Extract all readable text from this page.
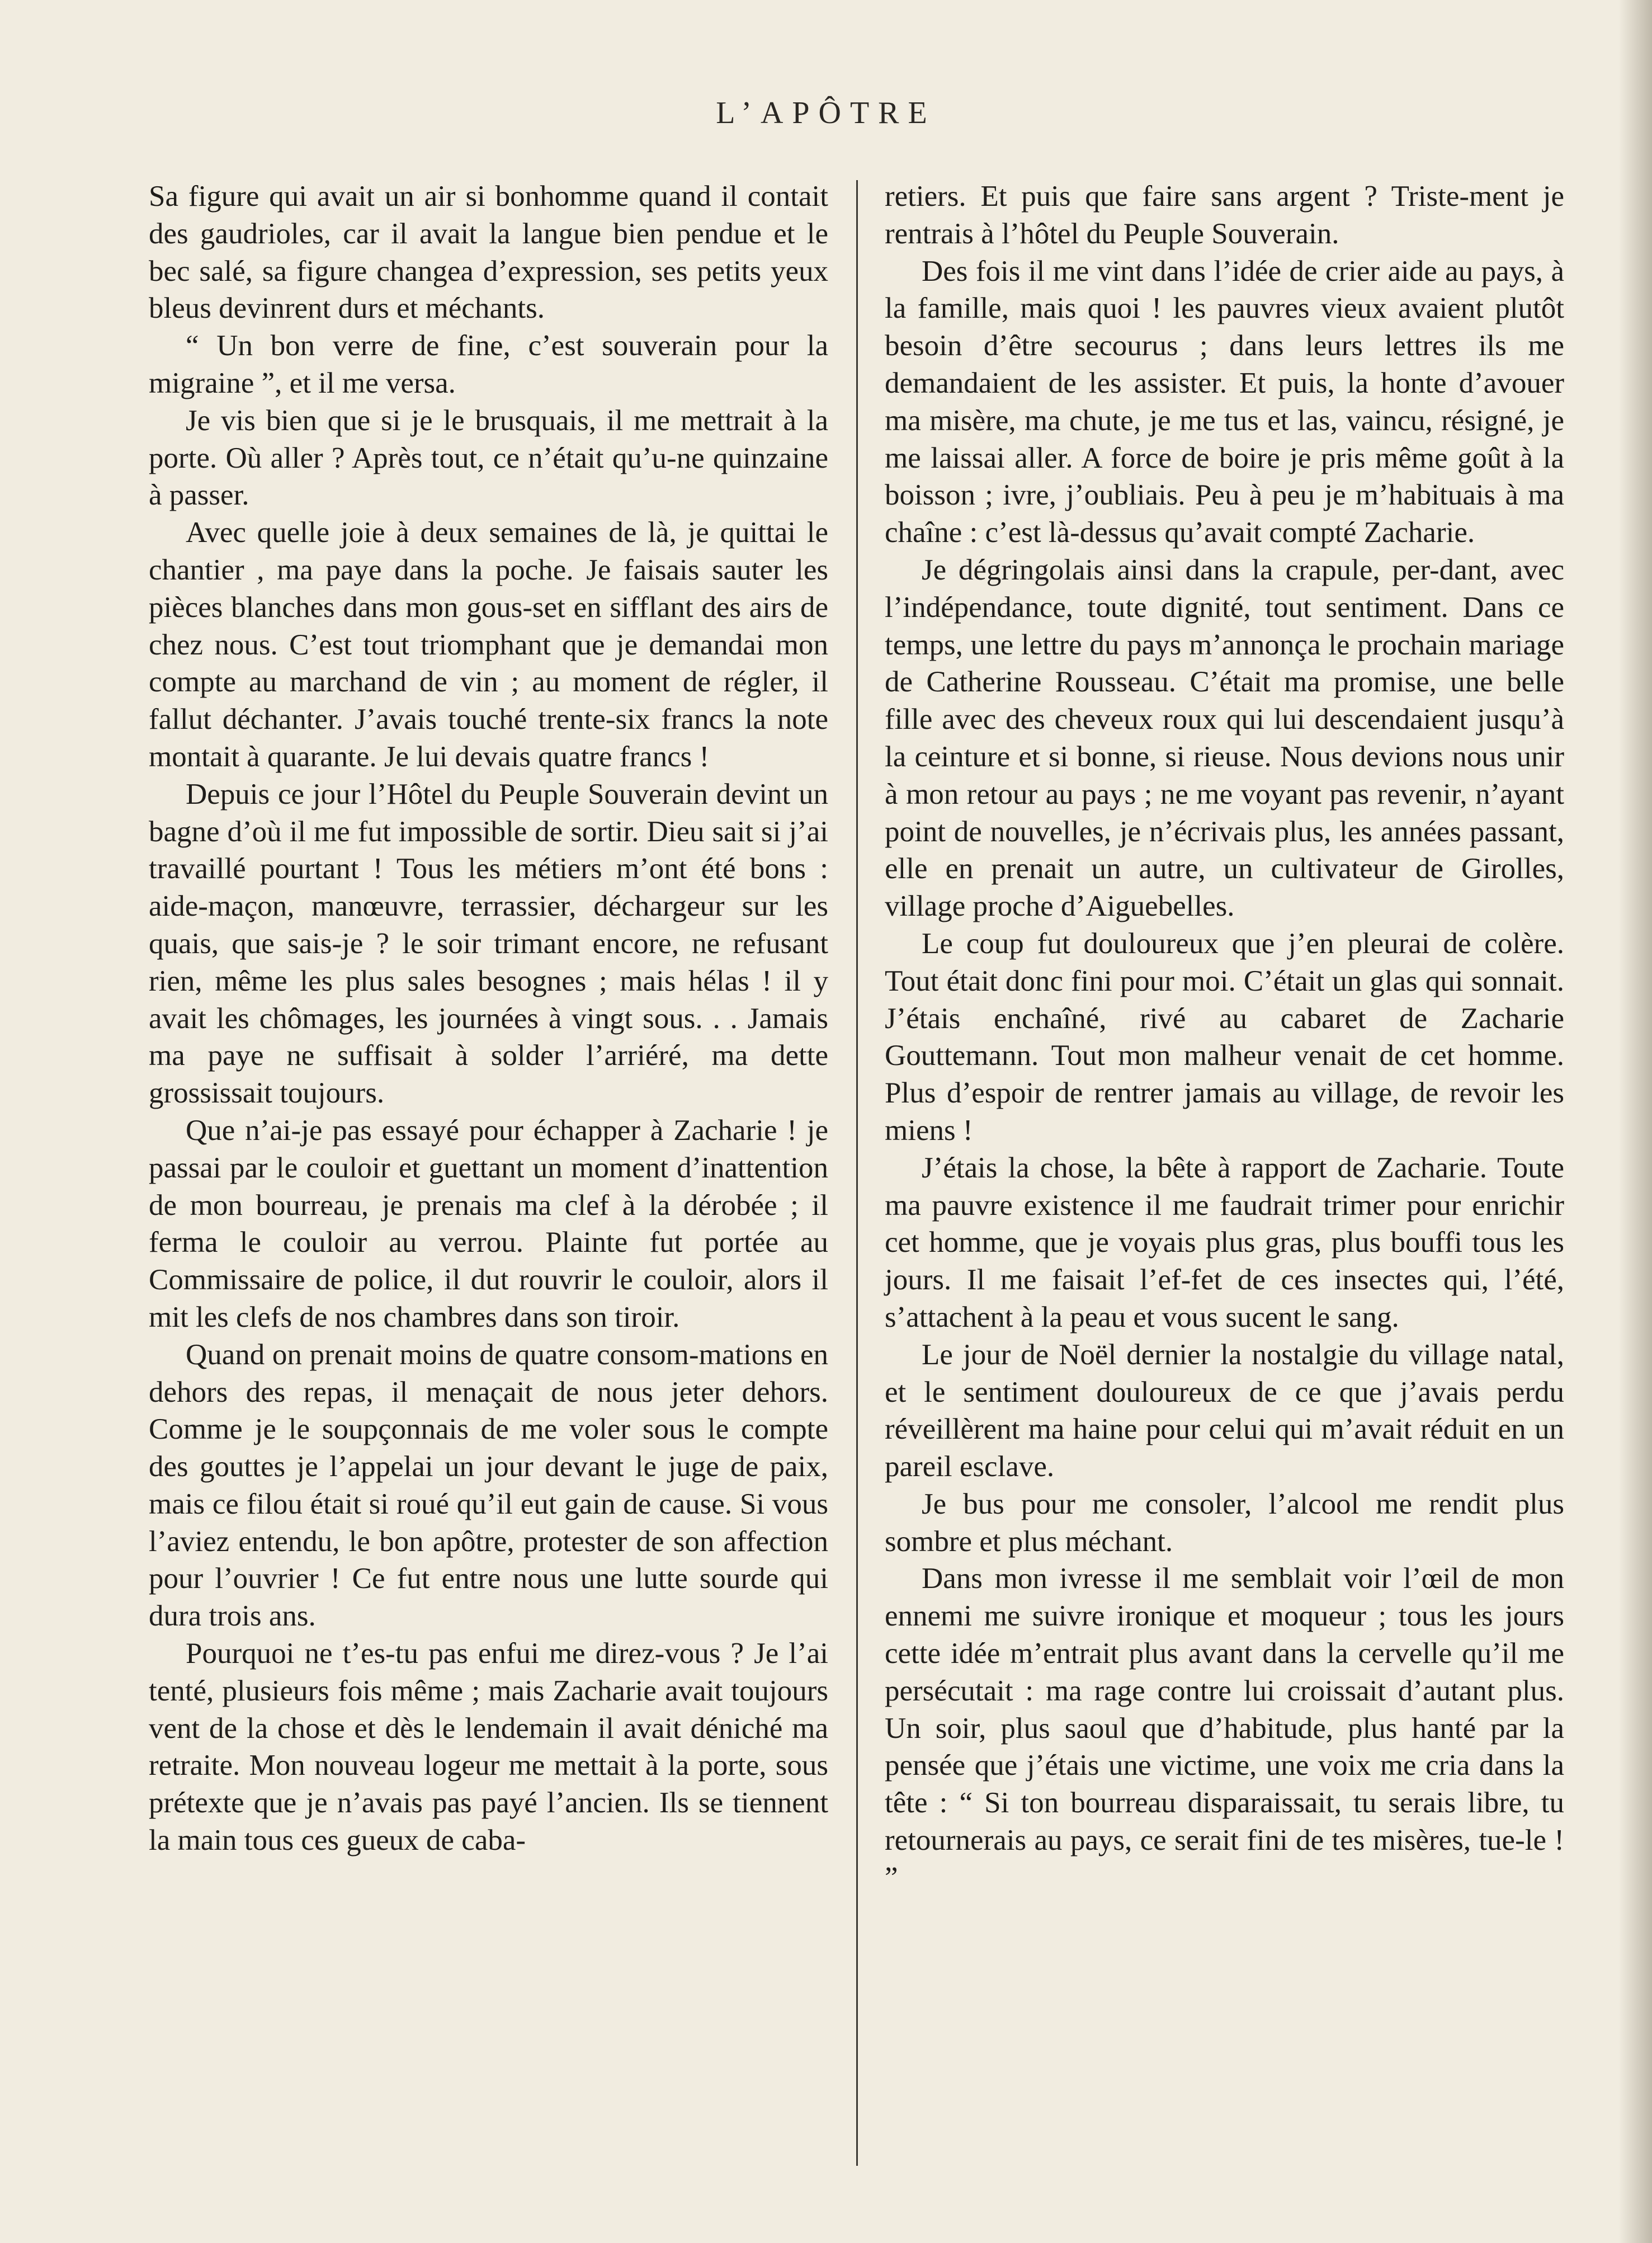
L’APÔTRE

Sa figure qui avait un air si bonhomme quand il contait des gaudrioles, car il avait la langue bien pendue et le bec salé, sa figure changea d’expression, ses petits yeux bleus devinrent durs et méchants.

“ Un bon verre de fine, c’est souverain pour la migraine ”, et il me versa.

Je vis bien que si je le brusquais, il me mettrait à la porte. Où aller ? Après tout, ce n’était qu’u-ne quinzaine à passer.

Avec quelle joie à deux semaines de là, je quittai le chantier , ma paye dans la poche. Je faisais sauter les pièces blanches dans mon gous-set en sifflant des airs de chez nous. C’est tout triomphant que je demandai mon compte au marchand de vin ; au moment de régler, il fallut déchanter. J’avais touché trente-six francs la note montait à quarante. Je lui devais quatre francs !

Depuis ce jour l’Hôtel du Peuple Souverain devint un bagne d’où il me fut impossible de sortir. Dieu sait si j’ai travaillé pourtant ! Tous les métiers m’ont été bons : aide-maçon, manœuvre, terrassier, déchargeur sur les quais, que sais-je ? le soir trimant encore, ne refusant rien, même les plus sales besognes ; mais hélas ! il y avait les chômages, les journées à vingt sous. . . Jamais ma paye ne suffisait à solder l’arriéré, ma dette grossissait toujours.

Que n’ai-je pas essayé pour échapper à Zacharie ! je passai par le couloir et guettant un moment d’inattention de mon bourreau, je prenais ma clef à la dérobée ; il ferma le couloir au verrou. Plainte fut portée au Commissaire de police, il dut rouvrir le couloir, alors il mit les clefs de nos chambres dans son tiroir.

Quand on prenait moins de quatre consom-mations en dehors des repas, il menaçait de nous jeter dehors. Comme je le soupçonnais de me voler sous le compte des gouttes je l’appelai un jour devant le juge de paix, mais ce filou était si roué qu’il eut gain de cause. Si vous l’aviez entendu, le bon apôtre, protester de son affection pour l’ouvrier ! Ce fut entre nous une lutte sourde qui dura trois ans.

Pourquoi ne t’es-tu pas enfui me direz-vous ? Je l’ai tenté, plusieurs fois même ; mais Zacharie avait toujours vent de la chose et dès le lendemain il avait déniché ma retraite. Mon nouveau logeur me mettait à la porte, sous prétexte que je n’avais pas payé l’ancien. Ils se tiennent la main tous ces gueux de caba-

retiers. Et puis que faire sans argent ? Triste-ment je rentrais à l’hôtel du Peuple Souverain.

Des fois il me vint dans l’idée de crier aide au pays, à la famille, mais quoi ! les pauvres vieux avaient plutôt besoin d’être secourus ; dans leurs lettres ils me demandaient de les assister. Et puis, la honte d’avouer ma misère, ma chute, je me tus et las, vaincu, résigné, je me laissai aller. A force de boire je pris même goût à la boisson ; ivre, j’oubliais. Peu à peu je m’habituais à ma chaîne : c’est là-dessus qu’avait compté Zacharie.

Je dégringolais ainsi dans la crapule, per-dant, avec l’indépendance, toute dignité, tout sentiment. Dans ce temps, une lettre du pays m’annonça le prochain mariage de Catherine Rousseau. C’était ma promise, une belle fille avec des cheveux roux qui lui descendaient jusqu’à la ceinture et si bonne, si rieuse. Nous devions nous unir à mon retour au pays ; ne me voyant pas revenir, n’ayant point de nouvelles, je n’écrivais plus, les années passant, elle en prenait un autre, un cultivateur de Girolles, village proche d’Aiguebelles.

Le coup fut douloureux que j’en pleurai de colère. Tout était donc fini pour moi. C’était un glas qui sonnait. J’étais enchaîné, rivé au cabaret de Zacharie Gouttemann. Tout mon malheur venait de cet homme. Plus d’espoir de rentrer jamais au village, de revoir les miens !

J’étais la chose, la bête à rapport de Zacharie. Toute ma pauvre existence il me faudrait trimer pour enrichir cet homme, que je voyais plus gras, plus bouffi tous les jours. Il me faisait l’ef-fet de ces insectes qui, l’été, s’attachent à la peau et vous sucent le sang.

Le jour de Noël dernier la nostalgie du village natal, et le sentiment douloureux de ce que j’avais perdu réveillèrent ma haine pour celui qui m’avait réduit en un pareil esclave.

Je bus pour me consoler, l’alcool me rendit plus sombre et plus méchant.

Dans mon ivresse il me semblait voir l’œil de mon ennemi me suivre ironique et moqueur ; tous les jours cette idée m’entrait plus avant dans la cervelle qu’il me persécutait : ma rage contre lui croissait d’autant plus. Un soir, plus saoul que d’habitude, plus hanté par la pensée que j’étais une victime, une voix me cria dans la tête : “ Si ton bourreau disparaissait, tu serais libre, tu retournerais au pays, ce serait fini de tes misères, tue-le ! ”
